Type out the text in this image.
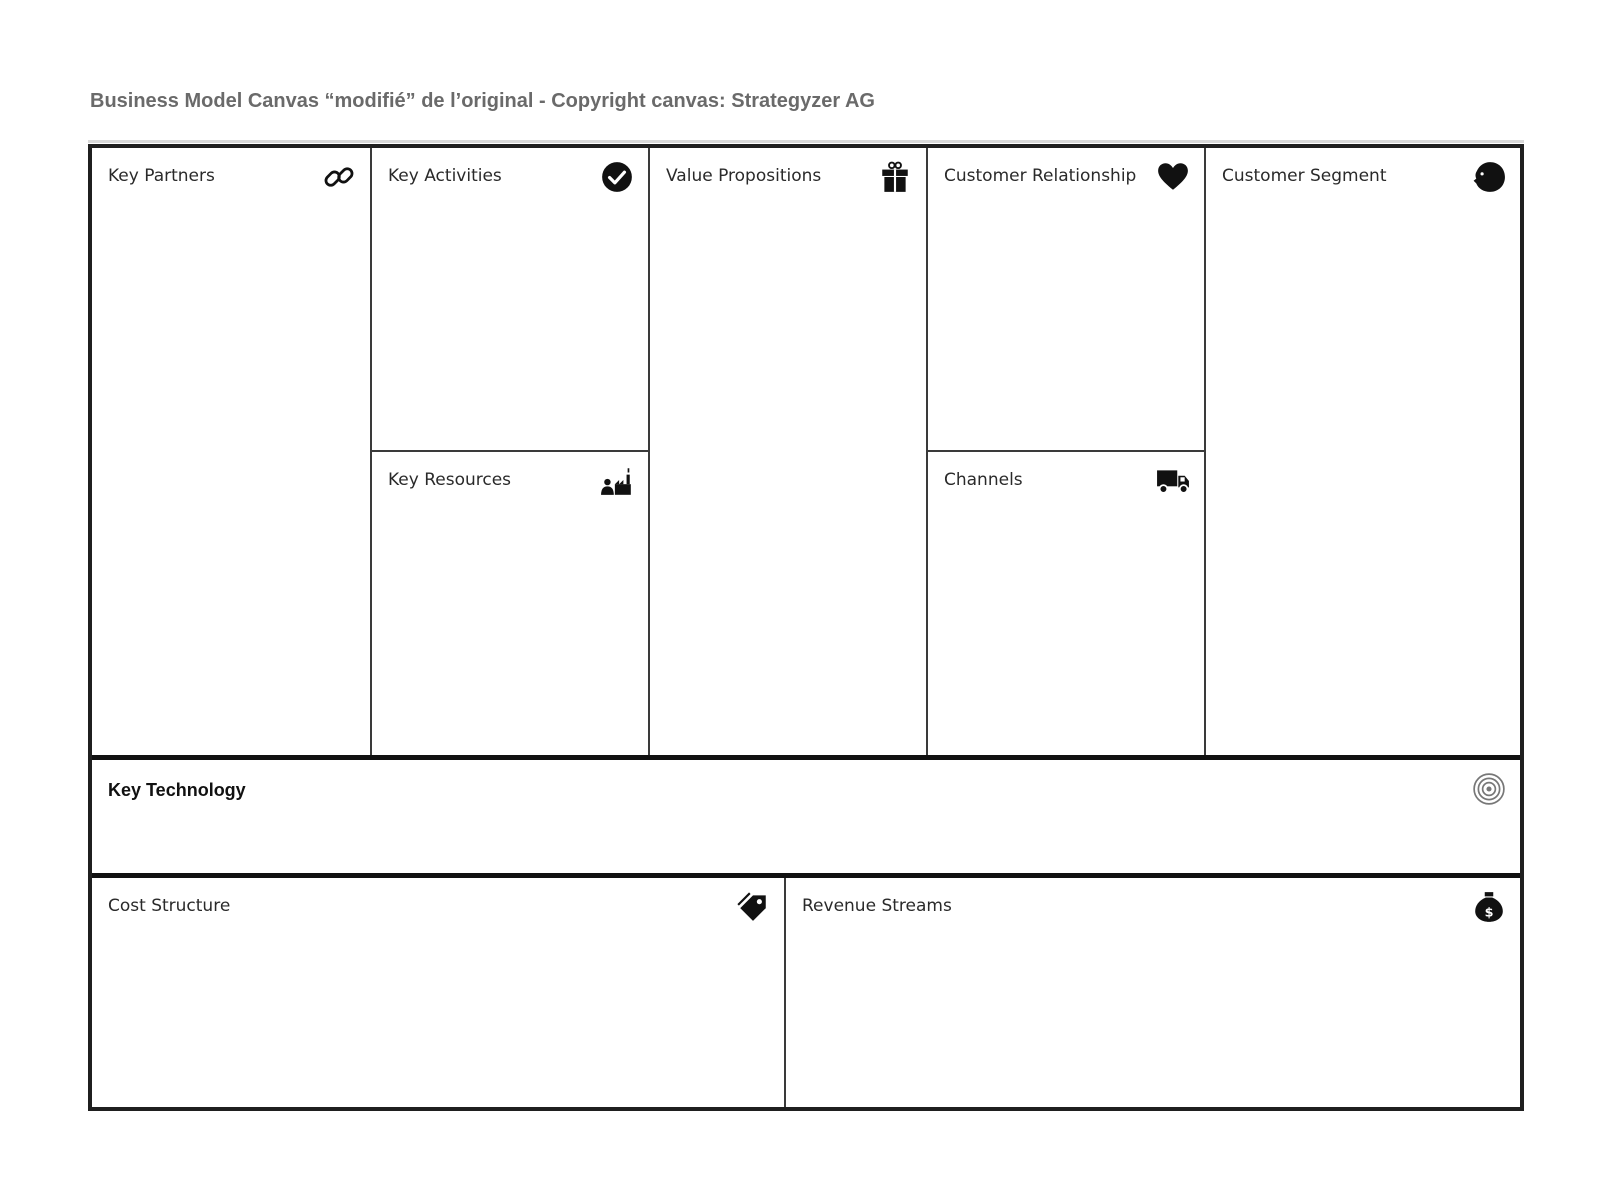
Business Model Canvas “modifié” de l’original - Copyright canvas: Strategyzer AG
Key Partners	Key Activities
Key Resources
Value Propositions	Customer Relationship
Channels
Customer Segment
Key Technology
Cost Structure	Revenue Streams	$
